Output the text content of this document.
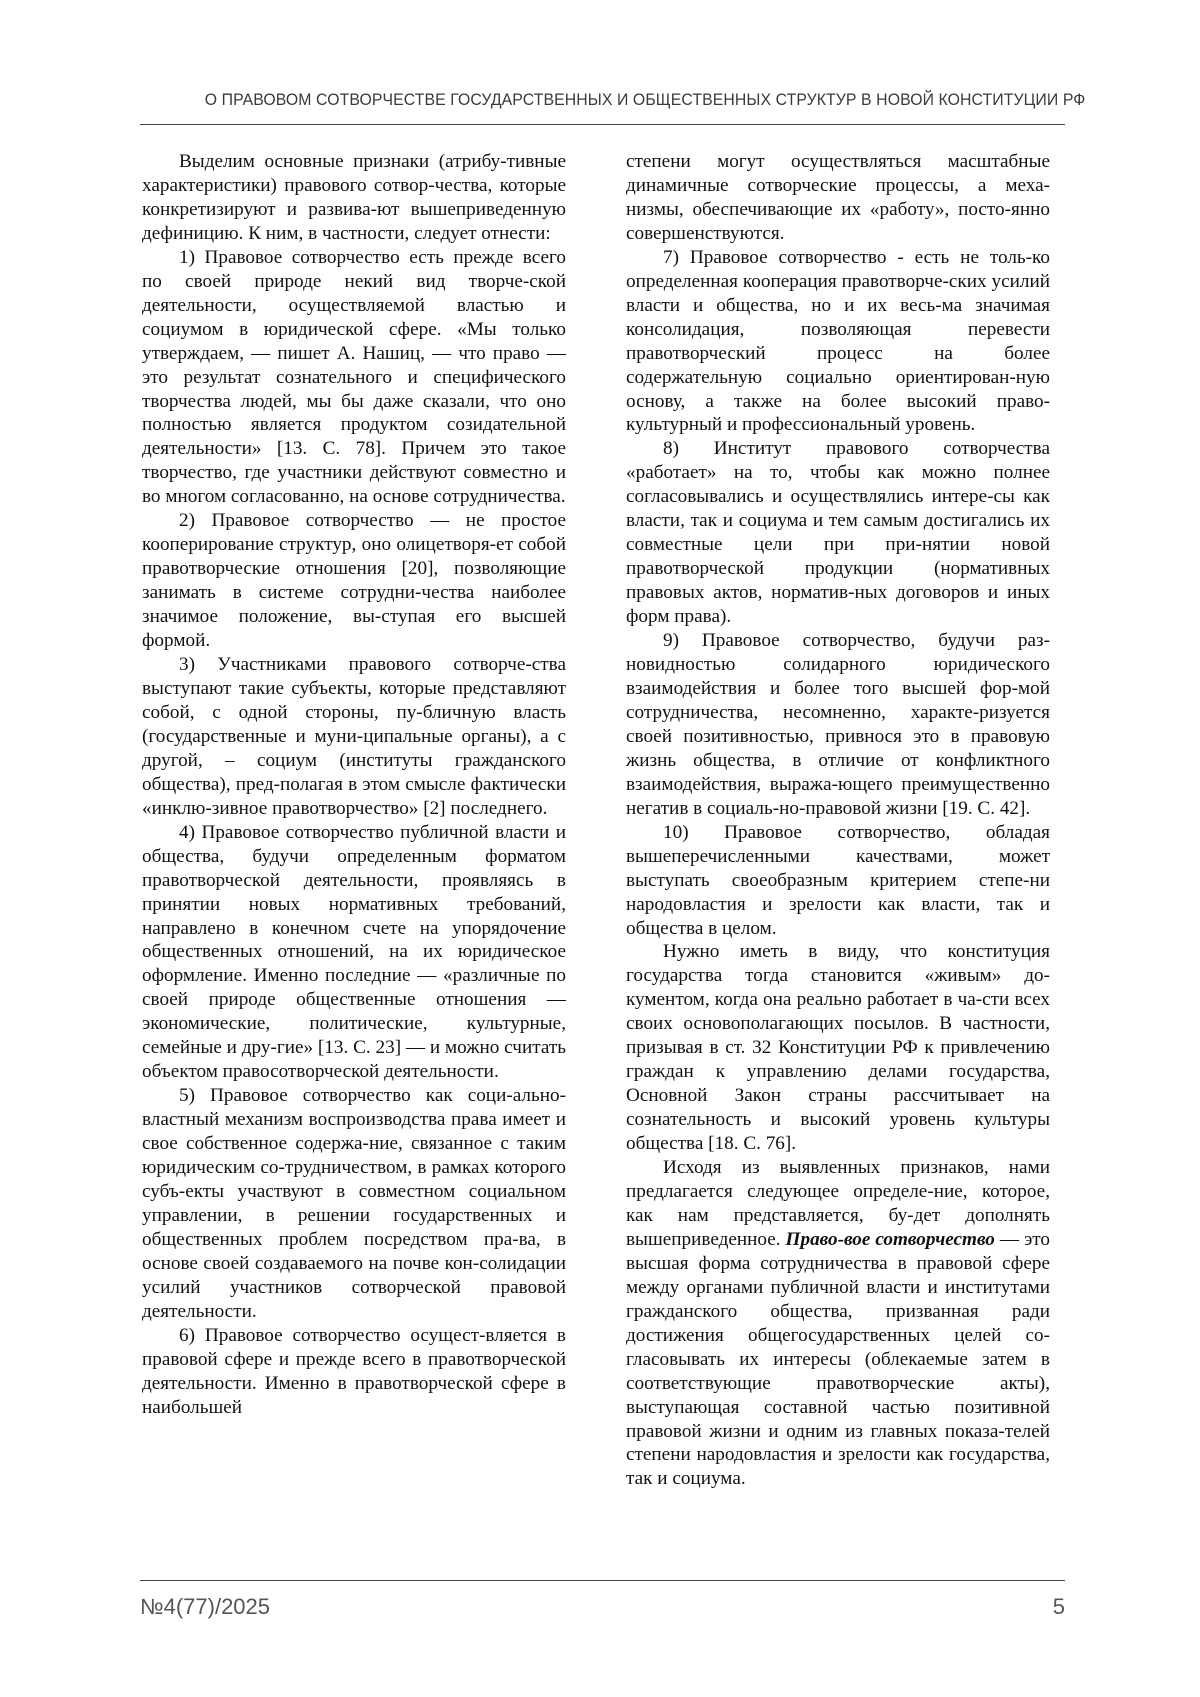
О ПРАВОВОМ СОТВОРЧЕСТВЕ ГОСУДАРСТВЕННЫХ И ОБЩЕСТВЕННЫХ СТРУКТУР В НОВОЙ КОНСТИТУЦИИ РФ

Выделим основные признаки (атрибу-тивные характеристики) правового сотвор-чества, которые конкретизируют и развива-ют вышеприведенную дефиницию. К ним, в частности, следует отнести:

1) Правовое сотворчество есть прежде всего по своей природе некий вид творче-ской деятельности, осуществляемой властью и социумом в юридической сфере. «Мы только утверждаем, — пишет А. Нашиц, — что право — это результат сознательного и специфического творчества людей, мы бы даже сказали, что оно полностью является продуктом созидательной деятельности» [13. С. 78]. Причем это такое творчество, где участники действуют совместно и во многом согласованно, на основе сотрудничества.

2) Правовое сотворчество — не простое кооперирование структур, оно олицетворя-ет собой правотворческие отношения [20], позволяющие занимать в системе сотрудни-чества наиболее значимое положение, вы-ступая его высшей формой.

3) Участниками правового сотворче-ства выступают такие субъекты, которые представляют собой, с одной стороны, пу-бличную власть (государственные и муни-ципальные органы), а с другой, – социум (институты гражданского общества), пред-полагая в этом смысле фактически «инклю-зивное правотворчество» [2] последнего.

4) Правовое сотворчество публичной власти и общества, будучи определенным форматом правотворческой деятельности, проявляясь в принятии новых нормативных требований, направлено в конечном счете на упорядочение общественных отношений, на их юридическое оформление. Именно последние — «различные по своей природе общественные отношения — экономические, политические, культурные, семейные и дру-гие» [13. С. 23] — и можно считать объектом правосотворческой деятельности.

5) Правовое сотворчество как соци-ально-властный механизм воспроизводства права имеет и свое собственное содержа-ние, связанное с таким юридическим со-трудничеством, в рамках которого субъ-екты участвуют в совместном социальном управлении, в решении государственных и общественных проблем посредством пра-ва, в основе своей создаваемого на почве кон-солидации усилий участников сотворческой правовой деятельности.

6) Правовое сотворчество осущест-вляется в правовой сфере и прежде всего в правотворческой деятельности. Именно в правотворческой сфере в наибольшей

степени могут осуществляться масштабные динамичные сотворческие процессы, а меха-низмы, обеспечивающие их «работу», посто-янно совершенствуются.

7) Правовое сотворчество - есть не толь-ко определенная кооперация правотворче-ских усилий власти и общества, но и их весь-ма значимая консолидация, позволяющая перевести правотворческий процесс на более содержательную социально ориентирован-ную основу, а также на более высокий право-культурный и профессиональный уровень.

8) Институт правового сотворчества «работает» на то, чтобы как можно полнее согласовывались и осуществлялись интере-сы как власти, так и социума и тем самым достигались их совместные цели при при-нятии новой правотворческой продукции (нормативных правовых актов, норматив-ных договоров и иных форм права).

9) Правовое сотворчество, будучи раз-новидностью солидарного юридического взаимодействия и более того высшей фор-мой сотрудничества, несомненно, характе-ризуется своей позитивностью, привнося это в правовую жизнь общества, в отличие от конфликтного взаимодействия, выража-ющего преимущественно негатив в социаль-но-правовой жизни [19. С. 42].

10) Правовое сотворчество, обладая вышеперечисленными качествами, может выступать своеобразным критерием степе-ни народовластия и зрелости как власти, так и общества в целом.

Нужно иметь в виду, что конституция государства тогда становится «живым» до-кументом, когда она реально работает в ча-сти всех своих основополагающих посылов. В частности, призывая в ст. 32 Конституции РФ к привлечению граждан к управлению делами государства, Основной Закон страны рассчитывает на сознательность и высокий уровень культуры общества [18. С. 76].

Исходя из выявленных признаков, нами предлагается следующее определе-ние, которое, как нам представляется, бу-дет дополнять вышеприведенное. Право-вое сотворчество — это высшая форма сотрудничества в правовой сфере между органами публичной власти и институтами гражданского общества, призванная ради достижения общегосударственных целей со-гласовывать их интересы (облекаемые затем в соответствующие правотворческие акты), выступающая составной частью позитивной правовой жизни и одним из главных показа-телей степени народовластия и зрелости как государства, так и социума.

№4(77)/2025	5
